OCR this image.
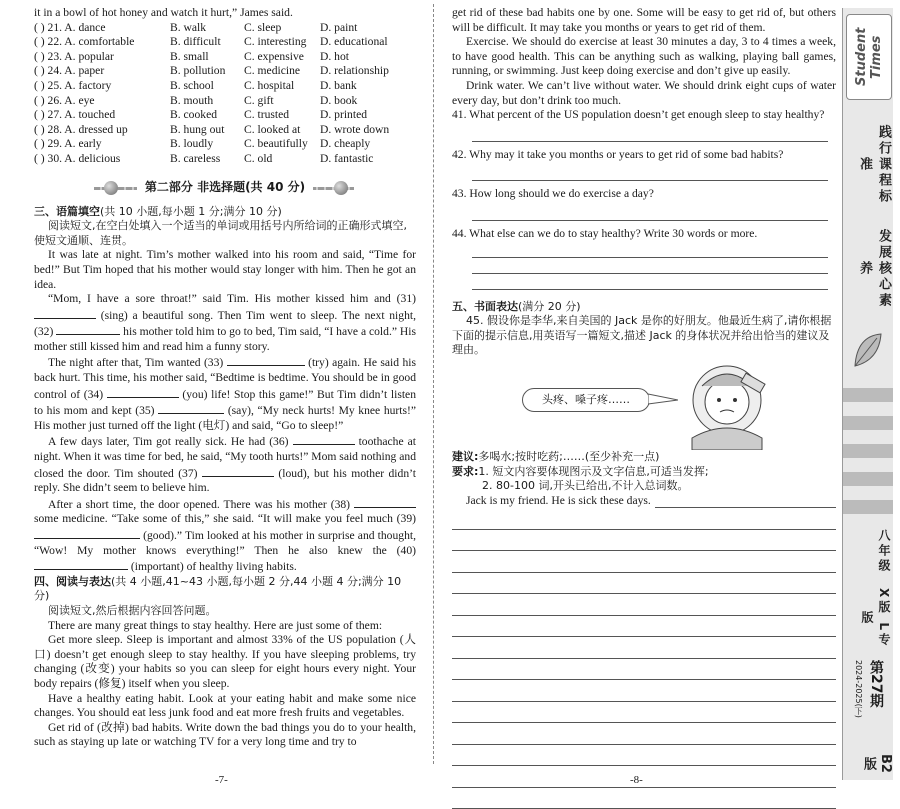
it in a bowl of hot honey and watch it hurt,” James said.

( ) 21. A. dance	B. walk	C. sleep	D. paint
( ) 22. A. comfortable	B. difficult	C. interesting	D. educational
( ) 23. A. popular	B. small	C. expensive	D. hot
( ) 24. A. paper	B. pollution	C. medicine	D. relationship
( ) 25. A. factory	B. school	C. hospital	D. bank
( ) 26. A. eye	B. mouth	C. gift	D. book
( ) 27. A. touched	B. cooked	C. trusted	D. printed
( ) 28. A. dressed up	B. hung out	C. looked at	D. wrote down
( ) 29. A. early	B. loudly	C. beautifully	D. cheaply
( ) 30. A. delicious	B. careless	C. old	D. fantastic
第二部分 非选择题(共 40 分)

三、语篇填空(共 10 小题,每小题 1 分;满分 10 分)

阅读短文,在空白处填入一个适当的单词或用括号内所给词的正确形式填空,使短文通顺、连贯。

It was late at night. Tim’s mother walked into his room and said, “Time for bed!” But Tim hoped that his mother would stay longer with him. Then he got an idea.

“Mom, I have a sore throat!” said Tim. His mother kissed him and (31)  (sing) a beautiful song. Then Tim went to sleep. The next night, (32)	his mother told him to go to bed, Tim said, “I have a cold.” His mother still kissed him and read him a funny story.

The night after that, Tim wanted (33)	(try) again. He said his back hurt. This time, his mother said, “Bedtime is bedtime. You should be in good control of (34)	(you) life! Stop this game!” But Tim didn’t listen to his mom and kept (35)	(say), “My neck hurts! My knee hurts!” His mother just turned off the light (电灯) and said, “Go to sleep!”

A few days later, Tim got really sick. He had (36)	toothache at night. When it was time for bed, he said, “My tooth hurts!” Mom said nothing and closed the door. Tim shouted (37)	(loud), but his mother didn’t reply. She didn’t seem to believe him.

After a short time, the door opened. There was his mother (38)  some medicine. “Take some of this,” she said. “It will make you feel much (39)  (good).” Tim looked at his mother in surprise and thought, “Wow! My mother knows everything!” Then he also knew the (40)  (important) of healthy living habits.

四、阅读与表达(共 4 小题,41~43 小题,每小题 2 分,44 小题 4 分;满分 10 分)

阅读短文,然后根据内容回答问题。

There are many great things to stay healthy. Here are just some of them:

Get more sleep. Sleep is important and almost 33% of the US population (人口) doesn’t get enough sleep to stay healthy. If you have sleeping problems, try changing (改变) your habits so you can sleep for eight hours every night. Your body repairs (修复) itself when you sleep.

Have a healthy eating habit. Look at your eating habit and make some nice changes. You should eat less junk food and eat more fresh fruits and vegetables.

Get rid of (改掉) bad habits. Write down the bad things you do to your health, such as staying up late or watching TV for a very long time and try to

-7-

get rid of these bad habits one by one. Some will be easy to get rid of, but others will be difficult. It may take you months or years to get rid of them.

Exercise. We should do exercise at least 30 minutes a day, 3 to 4 times a week, to have good health. This can be anything such as walking, playing ball games, running, or swimming. Just keep doing exercise and don’t give up easily.

Drink water. We can’t live without water. We should drink eight cups of water every day, but don’t drink too much.

41. What percent of the US population doesn’t get enough sleep to stay healthy?

42. Why may it take you months or years to get rid of some bad habits?

43. How long should we do exercise a day?

44. What else can we do to stay healthy? Write 30 words or more.

五、书面表达(满分 20 分)

45. 假设你是李华,来自美国的 Jack 是你的好朋友。他最近生病了,请你根据下面的提示信息,用英语写一篇短文,描述 Jack 的身体状况并给出恰当的建议及理由。

头疼、嗓子疼……

建议:多喝水;按时吃药;……(至少补充一点)

要求:1. 短文内容要体现图示及文字信息,可适当发挥;

2. 80-100 词,开头已给出,不计入总词数。

Jack is my friend. He is sick these days.

-8-
Student Times
践行课程标准
发展核心素养
八年级
X版 L专版
2024-2025(下) 第27期
B2版
